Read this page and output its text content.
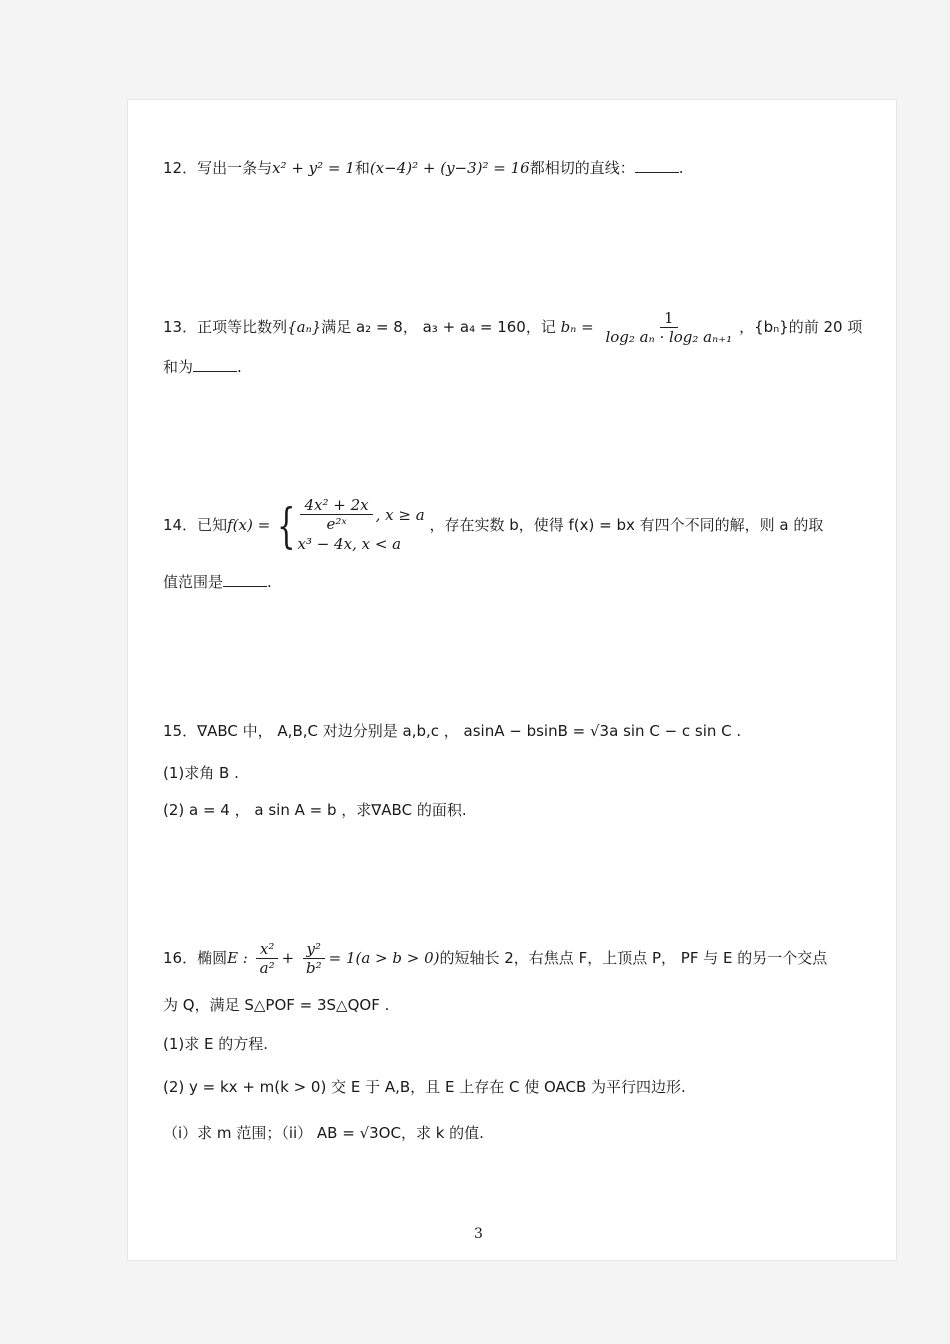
12．写出一条与x² + y² = 1和(x−4)² + (y−3)² = 16都相切的直线：	.
13．正项等比数列{aₙ}满足 a₂ = 8， a₃ + a₄ = 160，记 $b_n = \frac{1}{\text{log₂ aₙ · log₂ aₙ₊₁}}$ ，{bₙ}的前 20 项
和为	.
14．已知f(x) = { $\frac{\text{4x² + 2x}}{\text{e²ˣ}}$ , x ≥ a
x³ − 4x, x < a
，存在实数 b，使得 f(x) = bx 有四个不同的解，则 a 的取
值范围是	.
15．∇ABC 中， A,B,C 对边分别是 a,b,c ， asinA − bsinB = √3a sin C − c sin C .
(1)求角 B .
(2) a = 4 ， a sin A = b ，求∇ABC 的面积.
16．椭圆E : $\frac{\text{x²}}{\text{a²}} + \frac{\text{y²}}{\text{b²}} = 1(a > b > 0)$的短轴长 2，右焦点 F，上顶点 P， PF 与 E 的另一个交点
为 Q，满足 S△POF = 3S△QOF .
(1)求 E 的方程.
(2) y = kx + m(k > 0) 交 E 于 A,B，且 E 上存在 C 使 OACB 为平行四边形.
（i）求 m 范围；（ii） AB = √3OC，求 k 的值.
3
